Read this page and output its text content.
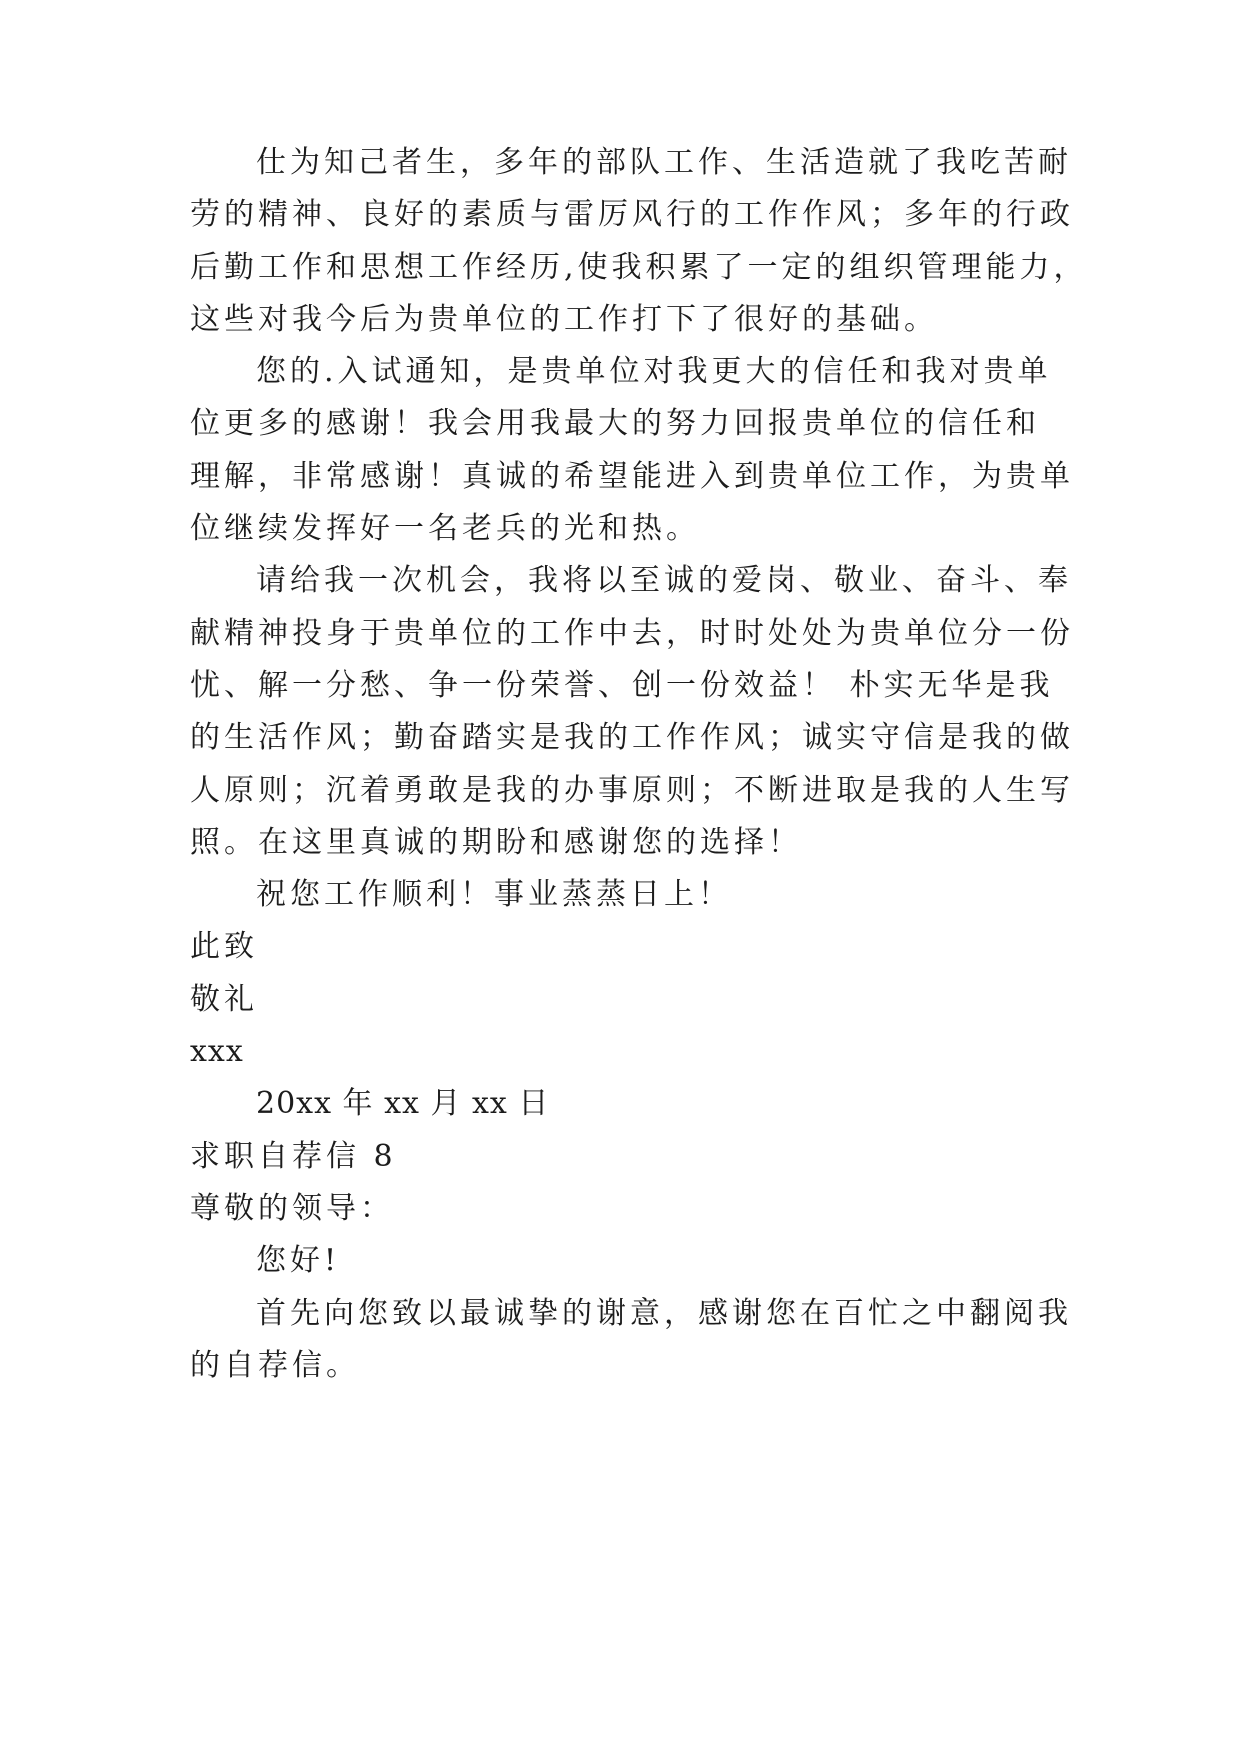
仕为知己者生，多年的部队工作、生活造就了我吃苦耐
劳的精神、良好的素质与雷厉风行的工作作风；多年的行政
后勤工作和思想工作经历,使我积累了一定的组织管理能力，
这些对我今后为贵单位的工作打下了很好的基础。
您的.入试通知，是贵单位对我更大的信任和我对贵单
位更多的感谢！我会用我最大的努力回报贵单位的信任和
理解，非常感谢！真诚的希望能进入到贵单位工作，为贵单
位继续发挥好一名老兵的光和热。
请给我一次机会，我将以至诚的爱岗、敬业、奋斗、奉
献精神投身于贵单位的工作中去，时时处处为贵单位分一份
忧、解一分愁、争一份荣誉、创一份效益！ 朴实无华是我
的生活作风；勤奋踏实是我的工作作风；诚实守信是我的做
人原则；沉着勇敢是我的办事原则；不断进取是我的人生写
照。在这里真诚的期盼和感谢您的选择！
祝您工作顺利！事业蒸蒸日上！
此致
敬礼
xxx
20xx 年 xx 月 xx 日
求职自荐信 8
尊敬的领导：
您好!
首先向您致以最诚挚的谢意，感谢您在百忙之中翻阅我
的自荐信。
